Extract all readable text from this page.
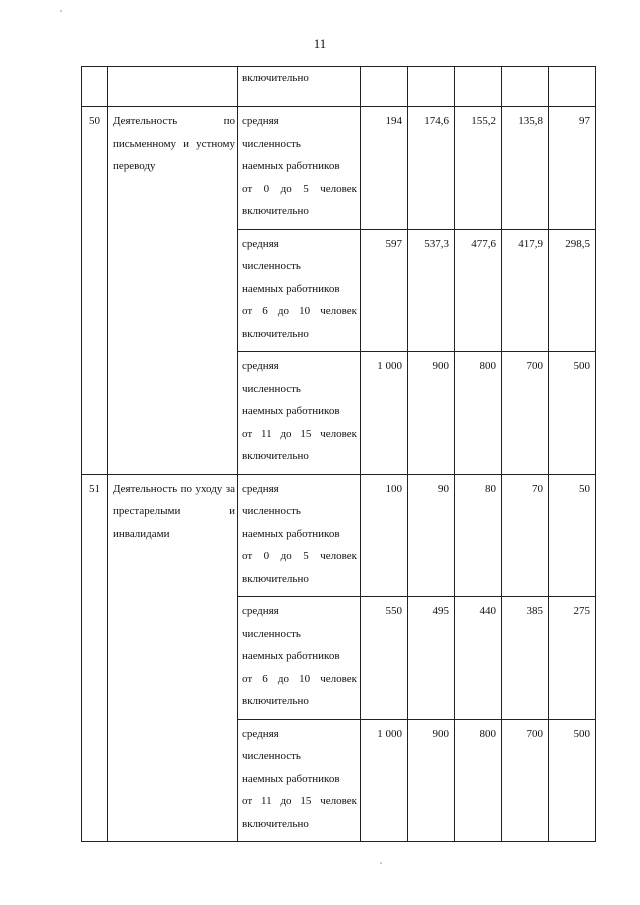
11

		включительно					

50	Деятельность по письменному и устному переводу	средняя
численность
наемных работников
от 0 до 5 человек
включительно	194	174,6	155,2	135,8	97

		средняя
численность
наемных работников
от 6 до 10 человек
включительно	597	537,3	477,6	417,9	298,5

		средняя
численность
наемных работников
от 11 до 15 человек
включительно	1 000	900	800	700	500
51	Деятельность по уходу за престарелыми и инвалидами	средняя
численность
наемных работников
от 0 до 5 человек
включительно	100	90	80	70	50

		средняя
численность
наемных работников
от 6 до 10 человек
включительно	550	495	440	385	275

		средняя
численность
наемных работников
от 11 до 15 человек
включительно	1 000	900	800	700	500
